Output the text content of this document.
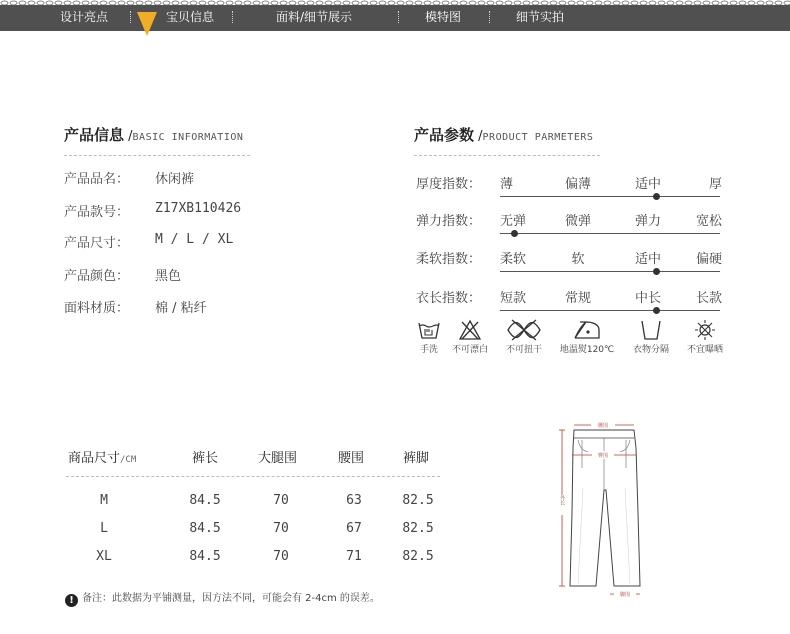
设计亮点	宝贝信息	面料/细节展示	模特图	细节实拍
产品信息 /BASIC INFORMATION
产品品名： 休闲裤
产品款号： Z17XB110426
产品尺寸： M / L / XL
产品颜色： 黑色
面料材质： 棉 / 粘纤
产品参数 /PRODUCT PARMETERS
厚度指数： 薄	偏薄	适中	厚
弹力指数： 无弹	微弹	弹力	宽松
柔软指数： 柔软	软	适中	偏硬
衣长指数： 短款	常规	中长	长款
手洗	不可漂白	不可扭干	地温熨120℃	衣物分隔	不宜曝晒
商品尺寸/CM	裤长	大腿围	腰围	裤脚
M	84.5	70	63	82.5
L	84.5	70	67	82.5
XL	84.5	70	71	82.5
腰围
臀围
外长
脚围
! 备注：此数据为平铺测量，因方法不同，可能会有 2-4cm 的误差。
